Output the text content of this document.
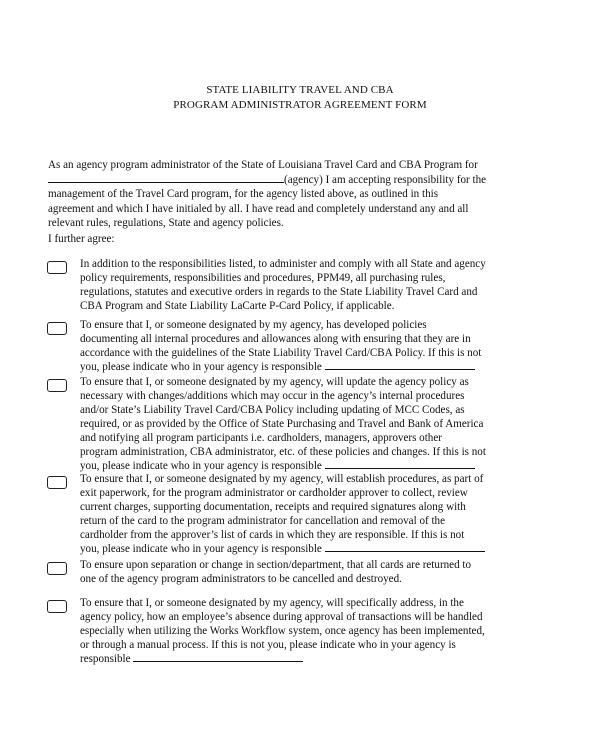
STATE LIABILITY TRAVEL AND CBA
PROGRAM ADMINISTRATOR AGREEMENT FORM
As an agency program administrator of the State of Louisiana Travel Card and CBA Program for
(agency) I am accepting responsibility for the
management of the Travel Card program, for the agency listed above, as outlined in this
agreement and which I have initialed by all. I have read and completely understand any and all
relevant rules, regulations, State and agency policies.
I further agree:
In addition to the responsibilities listed, to administer and comply with all State and agency
policy requirements, responsibilities and procedures, PPM49, all purchasing rules,
regulations, statutes and executive orders in regards to the State Liability Travel Card and
CBA Program and State Liability LaCarte P-Card Policy, if applicable.
To ensure that I, or someone designated by my agency, has developed policies
documenting all internal procedures and allowances along with ensuring that they are in
accordance with the guidelines of the State Liability Travel Card/CBA Policy. If this is not
you, please indicate who in your agency is responsible
To ensure that I, or someone designated by my agency, will update the agency policy as
necessary with changes/additions which may occur in the agency’s internal procedures
and/or State’s Liability Travel Card/CBA Policy including updating of MCC Codes, as
required, or as provided by the Office of State Purchasing and Travel and Bank of America
and notifying all program participants i.e. cardholders, managers, approvers other
program administration, CBA administrator, etc. of these policies and changes. If this is not
you, please indicate who in your agency is responsible
To ensure that I, or someone designated by my agency, will establish procedures, as part of
exit paperwork, for the program administrator or cardholder approver to collect, review
current charges, supporting documentation, receipts and required signatures along with
return of the card to the program administrator for cancellation and removal of the
cardholder from the approver’s list of cards in which they are responsible. If this is not
you, please indicate who in your agency is responsible
To ensure upon separation or change in section/department, that all cards are returned to
one of the agency program administrators to be cancelled and destroyed.
To ensure that I, or someone designated by my agency, will specifically address, in the
agency policy, how an employee’s absence during approval of transactions will be handled
especially when utilizing the Works Workflow system, once agency has been implemented,
or through a manual process. If this is not you, please indicate who in your agency is
responsible
